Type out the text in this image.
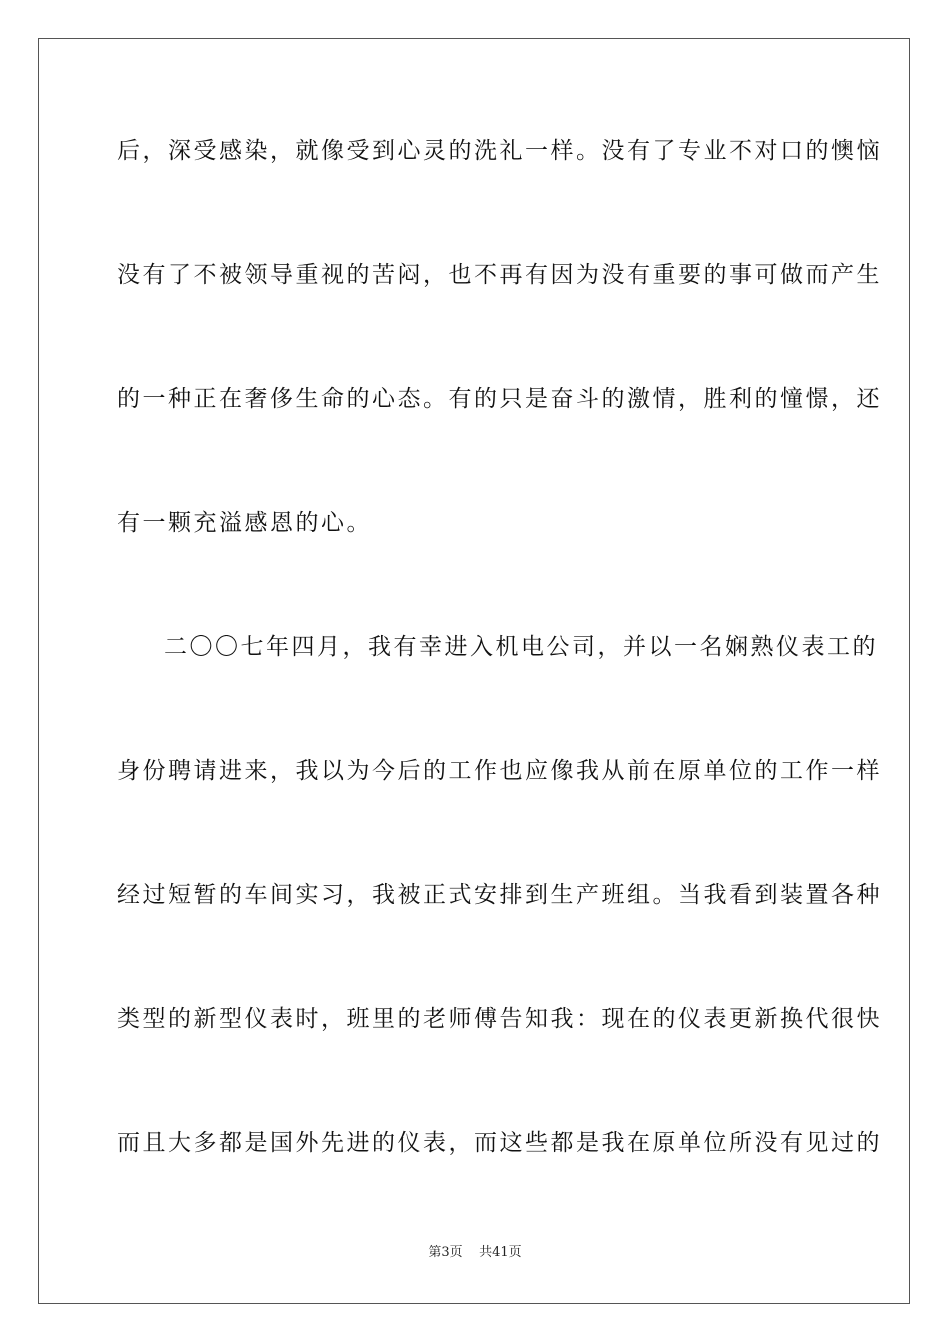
后，深受感染，就像受到心灵的洗礼一样。没有了专业不对口的懊恼
没有了不被领导重视的苦闷，也不再有因为没有重要的事可做而产生
的一种正在奢侈生命的心态。有的只是奋斗的激情，胜利的憧憬，还
有一颗充溢感恩的心。
二〇〇七年四月，我有幸进入机电公司，并以一名娴熟仪表工的
身份聘请进来，我以为今后的工作也应像我从前在原单位的工作一样
经过短暂的车间实习，我被正式安排到生产班组。当我看到装置各种
类型的新型仪表时，班里的老师傅告知我：现在的仪表更新换代很快
而且大多都是国外先进的仪表，而这些都是我在原单位所没有见过的
第3页 共41页
